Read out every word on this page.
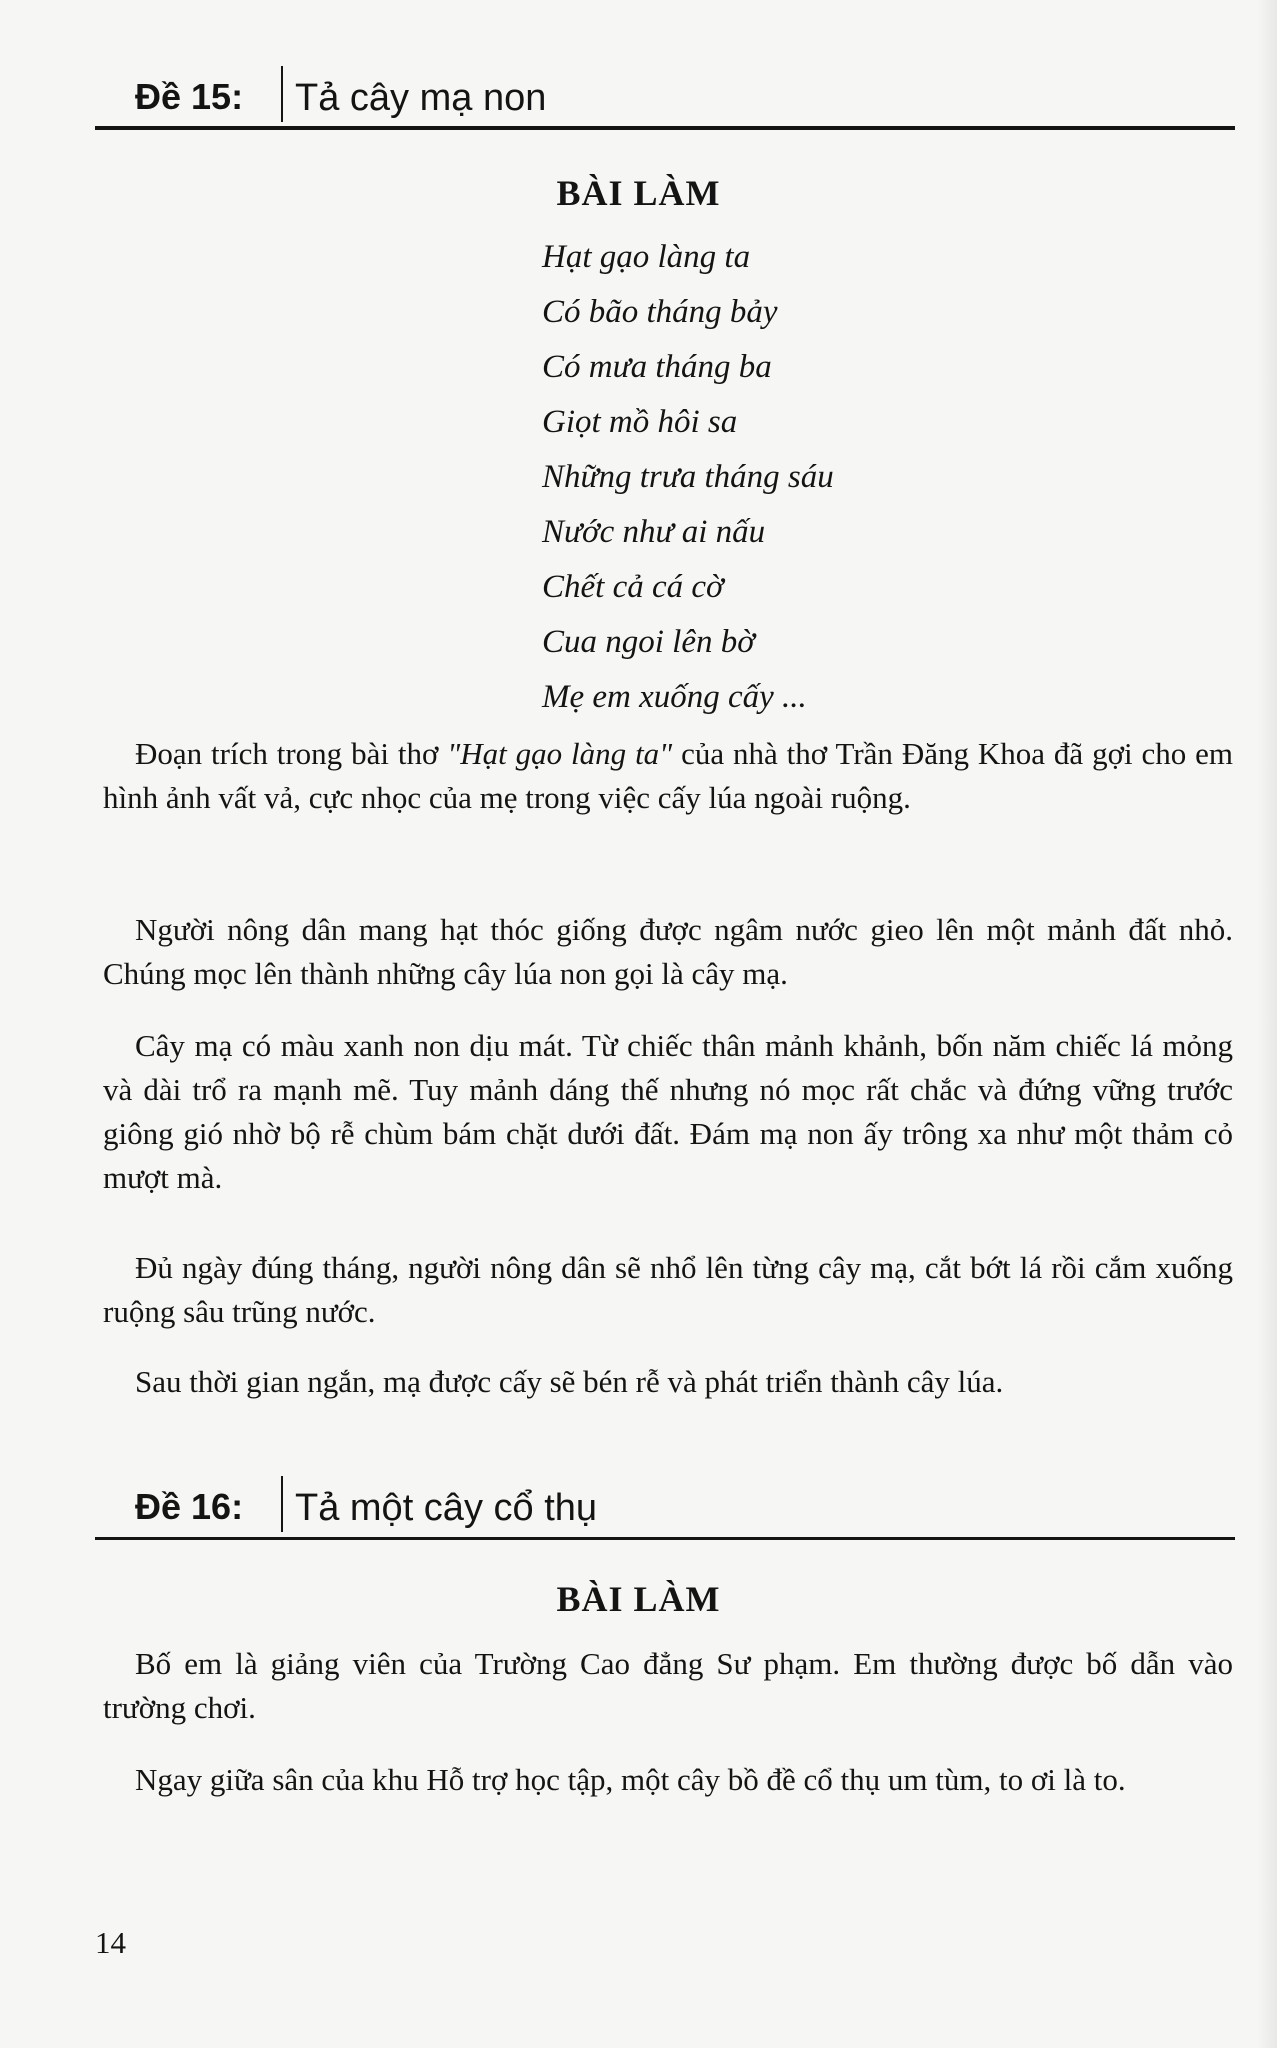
Đề 15: Tả cây mạ non
BÀI LÀM
Hạt gạo làng ta
Có bão tháng bảy
Có mưa tháng ba
Giọt mồ hôi sa
Những trưa tháng sáu
Nước như ai nấu
Chết cả cá cờ
Cua ngoi lên bờ
Mẹ em xuống cấy ...

Đoạn trích trong bài thơ "Hạt gạo làng ta" của nhà thơ Trần Đăng Khoa đã gợi cho em hình ảnh vất vả, cực nhọc của mẹ trong việc cấy lúa ngoài ruộng.

Người nông dân mang hạt thóc giống được ngâm nước gieo lên một mảnh đất nhỏ. Chúng mọc lên thành những cây lúa non gọi là cây mạ.

Cây mạ có màu xanh non dịu mát. Từ chiếc thân mảnh khảnh, bốn năm chiếc lá mỏng và dài trổ ra mạnh mẽ. Tuy mảnh dáng thế nhưng nó mọc rất chắc và đứng vững trước giông gió nhờ bộ rễ chùm bám chặt dưới đất. Đám mạ non ấy trông xa như một thảm cỏ mượt mà.

Đủ ngày đúng tháng, người nông dân sẽ nhổ lên từng cây mạ, cắt bớt lá rồi cắm xuống ruộng sâu trũng nước.

Sau thời gian ngắn, mạ được cấy sẽ bén rễ và phát triển thành cây lúa.

Đề 16: Tả một cây cổ thụ
BÀI LÀM

Bố em là giảng viên của Trường Cao đẳng Sư phạm. Em thường được bố dẫn vào trường chơi.

Ngay giữa sân của khu Hỗ trợ học tập, một cây bồ đề cổ thụ um tùm, to ơi là to.

14
